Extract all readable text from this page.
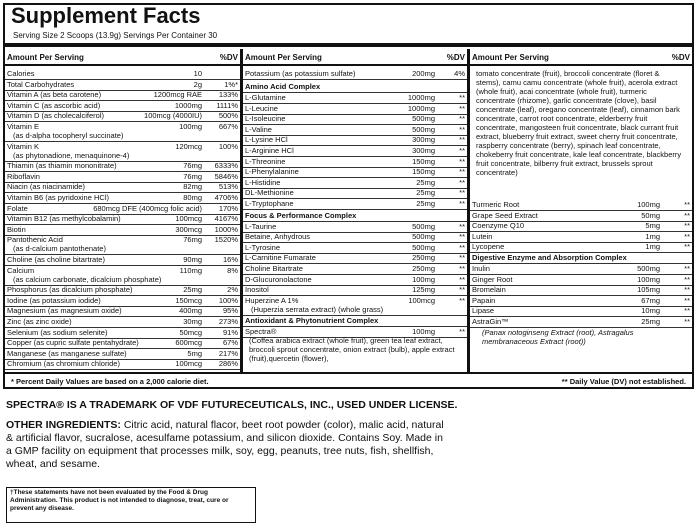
Supplement Facts
Serving Size 2 Scoops (13.9g) Servings Per Container 30
Amount Per Serving	%DV
Calories	10
Total Carbohydrates	2g	1%*
Vitamin A (as beta carotene)	1200mcg RAE 133%
Vitamin C (as ascorbic acid)	1000mg 1111%
Vitamin D (as cholecalciferol)	100mcg (4000IU) 500%
Vitamin E	100mg 667%
(as d-alpha tocopheryl succinate)
Vitamin K	120mcg 100%
(as phytonadione, menaquinone-4)
Thiamin (as thiamin mononitrate)	76mg 6333%
Riboflavin	76mg 5846%
Niacin (as niacinamide)	82mg 513%
Vitamin B6 (as pyridoxine HCl)	80mg 4706%
Folate	680mcg DFE (400mcg folic acid) 170%
Vitamin B12 (as methylcobalamin)	100mcg 4167%
Biotin	300mcg 1000%
Pantothenic Acid	76mg 1520%
(as d-calcium pantothenate)
Choline (as choline bitartrate)	90mg	16%
Calcium	110mg	8%
(as calcium carbonate, dicalcium phosphate)
Phosphorus (as dicalcium phosphate)	25mg	2%
Iodine (as potassium iodide)	150mcg 100%
Magnesium (as magnesium oxide)	400mg	95%
Zinc (as zinc oxide)	30mg 273%
Selenium (as sodium selenite)	50mcg	91%
Copper (as cupric sulfate pentahydrate)	600mcg	67%
Manganese (as manganese sulfate)	5mg 217%
Chromium (as chromium chloride)	100mcg 286%
Amount Per Serving	%DV
Potassium (as potassium sulfate)	200mg	4%
Amino Acid Complex
L-Glutamine	1000mg	**
L-Leucine	1000mg	**
L-Isoleucine	500mg	**
L-Valine	500mg	**
L-Lysine HCl	300mg	**
L-Arginine HCl	300mg	**
L-Threonine	150mg	**
L-Phenylalanine	150mg	**
L-Histidine	25mg	**
DL-Methionine	25mg	**
L-Tryptophane	25mg	**
Focus & Performance Complex
L-Taurine	500mg	**
Betaine, Anhydrous	500mg	**
L-Tyrosine	500mg	**
L-Carnitine Fumarate	250mg	**
Choline Bitartrate	250mg	**
D-Glucuronolactone	100mg	**
Inositol	125mg	**
Huperzine A 1%	100mcg	**
(Huperzia serrata extract) (whole grass)
Antioxidant & Phytonutrient Complex
Spectra®	100mg	**
(Coffea arabica extract (whole fruit), green tea leaf extract, broccoli sprout concentrate, onion extract (bulb), apple extract (fruit),quercetin (flower),
Amount Per Serving	%DV
tomato concentrate (fruit), broccoli concentrate (floret & stems), camu camu concentrate (whole fruit), acerola extract (whole fruit), acai concentrate (whole fruit), turmeric concentrate (rhizome), garlic concentrate (clove), basil concentrate (leaf), oregano concentrate (leaf), cinnamon bark concentrate, carrot root concentrate, elderberry fruit concentrate, mangosteen fruit concentrate, black currant fruit extract, blueberry fruit extract, sweet cherry fruit concentrate, raspberry concentrate (berry), spinach leaf concentrate, chokeberry fruit concentrate, kale leaf concentrate, blackberry fruit concentrate, bilberry fruit extract, brussels sprout concentrate)
Turmeric Root	100mg	**
Grape Seed Extract	50mg	**
Coenzyme Q10	5mg	**
Lutein	1mg	**
Lycopene	1mg	**
Digestive Enzyme and Absorption Complex
Inulin	500mg	**
Ginger Root	100mg	**
Bromelain	105mg	**
Papain	67mg	**
Lipase	10mg	**
AstraGin™	25mg	**
(Panax notoginseng Extract (root), Astragalus membranaceous Extract (root))
* Percent Daily Values are based on a 2,000 calorie diet.	** Daily Value (DV) not established.
SPECTRA® IS A TRADEMARK OF VDF FUTURECEUTICALS, INC., USED UNDER LICENSE.
OTHER INGREDIENTS: Citric acid, natural flacor, beet root powder (color), malic acid, natural & artificial flavor, sucralose, acesulfame potassium, and silicon dioxide. Contains Soy. Made in a GMP facility on equipment that processes milk, soy, egg, peanuts, tree nuts, fish, shellfish, wheat, and sesame.
†These statements have not been evaluated by the Food & Drug Administration. This product is not intended to diagnose, treat, cure or prevent any disease.
